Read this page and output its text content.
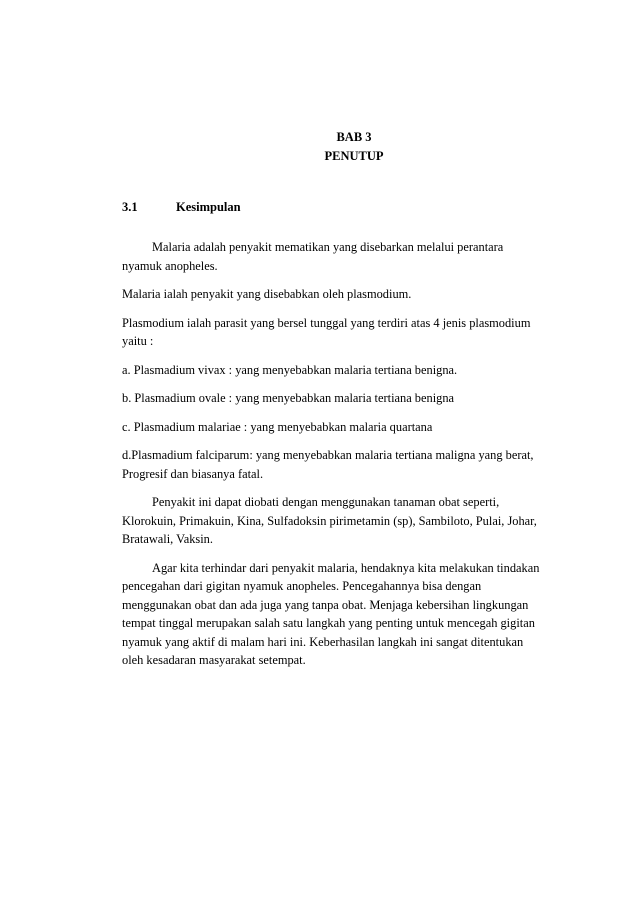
BAB 3
PENUTUP
3.1	Kesimpulan

Malaria adalah penyakit mematikan yang disebarkan melalui perantara nyamuk anopheles.

Malaria ialah penyakit yang disebabkan oleh plasmodium.

Plasmodium ialah parasit yang bersel tunggal yang terdiri atas 4 jenis plasmodium yaitu :

a. Plasmadium vivax : yang menyebabkan malaria tertiana benigna.

b. Plasmadium ovale : yang menyebabkan malaria tertiana benigna

c. Plasmadium malariae : yang menyebabkan malaria quartana

d.Plasmadium falciparum: yang menyebabkan malaria tertiana maligna yang berat, Progresif dan biasanya fatal.

Penyakit ini dapat diobati dengan menggunakan tanaman obat seperti, Klorokuin, Primakuin, Kina, Sulfadoksin pirimetamin (sp), Sambiloto, Pulai, Johar, Bratawali, Vaksin.

Agar kita terhindar dari penyakit malaria, hendaknya kita melakukan tindakan pencegahan dari gigitan nyamuk anopheles. Pencegahannya bisa dengan menggunakan obat dan ada juga yang tanpa obat. Menjaga kebersihan lingkungan tempat tinggal merupakan salah satu langkah yang penting untuk mencegah gigitan nyamuk yang aktif di malam hari ini. Keberhasilan langkah ini sangat ditentukan oleh kesadaran masyarakat setempat.
